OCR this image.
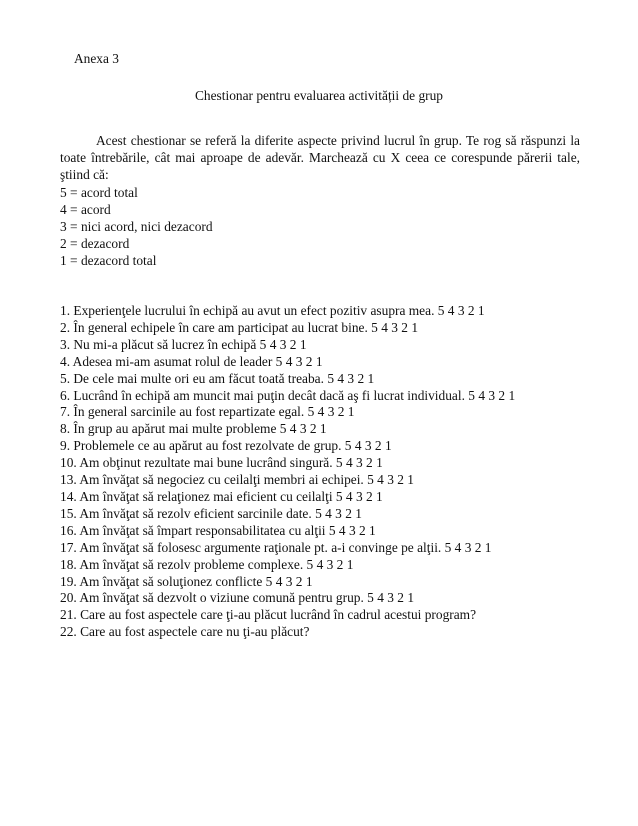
Anexa 3
Chestionar pentru evaluarea activității de grup

Acest chestionar se referă la diferite aspecte privind lucrul în grup. Te rog să răspunzi la toate întrebările, cât mai aproape de adevăr. Marchează cu X ceea ce corespunde părerii tale, ştiind că:

5 = acord total
4 = acord
3 = nici acord, nici dezacord
2 = dezacord
1 = dezacord total
1. Experienţele lucrului în echipă au avut un efect pozitiv asupra mea. 5 4 3 2 1
2. În general echipele în care am participat au lucrat bine. 5 4 3 2 1
3. Nu mi-a plăcut să lucrez în echipă 5 4 3 2 1
4. Adesea mi-am asumat rolul de leader 5 4 3 2 1
5. De cele mai multe ori eu am făcut toată treaba. 5 4 3 2 1
6. Lucrând în echipă am muncit mai puţin decât dacă aş fi lucrat individual. 5 4 3 2 1
7. În general sarcinile au fost repartizate egal. 5 4 3 2 1
8. În grup au apărut mai multe probleme 5 4 3 2 1
9. Problemele ce au apărut au fost rezolvate de grup. 5 4 3 2 1
10. Am obţinut rezultate mai bune lucrând singură. 5 4 3 2 1
13. Am învăţat să negociez cu ceilalţi membri ai echipei. 5 4 3 2 1
14. Am învăţat să relaţionez mai eficient cu ceilalţi 5 4 3 2 1
15. Am învăţat să rezolv eficient sarcinile date. 5 4 3 2 1
16. Am învăţat să împart responsabilitatea cu alţii 5 4 3 2 1
17. Am învăţat să folosesc argumente raţionale pt. a-i convinge pe alţii. 5 4 3 2 1
18. Am învăţat să rezolv probleme complexe. 5 4 3 2 1
19. Am învăţat să soluţionez conflicte 5 4 3 2 1
20. Am învăţat să dezvolt o viziune comună pentru grup. 5 4 3 2 1
21. Care au fost aspectele care ţi-au plăcut lucrând în cadrul acestui program?
22. Care au fost aspectele care nu ţi-au plăcut?
